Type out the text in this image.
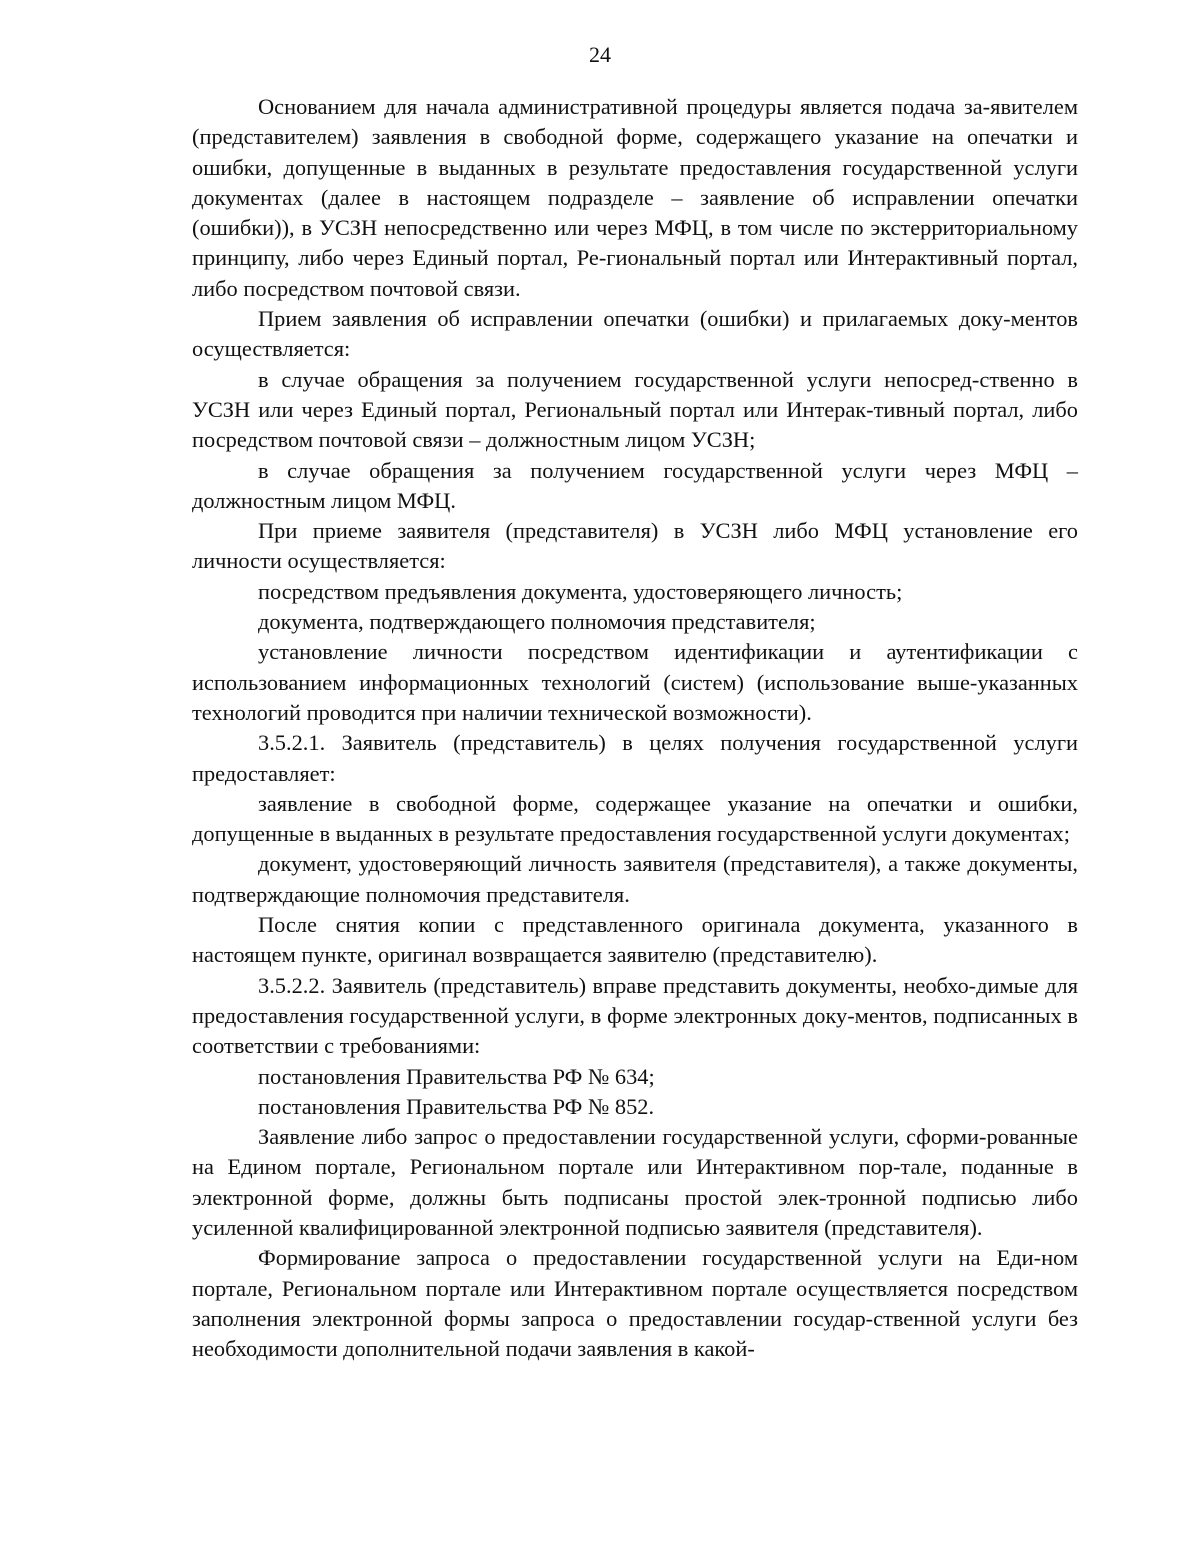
24

Основанием для начала административной процедуры является подача за-явителем (представителем) заявления в свободной форме, содержащего указание на опечатки и ошибки, допущенные в выданных в результате предоставления государственной услуги документах (далее в настоящем подразделе – заявление об исправлении опечатки (ошибки)), в УСЗН непосредственно или через МФЦ, в том числе по экстерриториальному принципу, либо через Единый портал, Ре-гиональный портал или Интерактивный портал, либо посредством почтовой связи.

Прием заявления об исправлении опечатки (ошибки) и прилагаемых доку-ментов осуществляется:

в случае обращения за получением государственной услуги непосред-ственно в УСЗН или через Единый портал, Региональный портал или Интерак-тивный портал, либо посредством почтовой связи – должностным лицом УСЗН;

в случае обращения за получением государственной услуги через МФЦ – должностным лицом МФЦ.

При приеме заявителя (представителя) в УСЗН либо МФЦ установление его личности осуществляется:

посредством предъявления документа, удостоверяющего личность;

документа, подтверждающего полномочия представителя;

установление личности посредством идентификации и аутентификации с использованием информационных технологий (систем) (использование выше-указанных технологий проводится при наличии технической возможности).

3.5.2.1. Заявитель (представитель) в целях получения государственной услуги предоставляет:

заявление в свободной форме, содержащее указание на опечатки и ошибки, допущенные в выданных в результате предоставления государственной услуги документах;

документ, удостоверяющий личность заявителя (представителя), а также документы, подтверждающие полномочия представителя.

После снятия копии с представленного оригинала документа, указанного в настоящем пункте, оригинал возвращается заявителю (представителю).

3.5.2.2. Заявитель (представитель) вправе представить документы, необхо-димые для предоставления государственной услуги, в форме электронных доку-ментов, подписанных в соответствии с требованиями:

постановления Правительства РФ № 634;

постановления Правительства РФ № 852.

Заявление либо запрос о предоставлении государственной услуги, сформи-рованные на Едином портале, Региональном портале или Интерактивном пор-тале, поданные в электронной форме, должны быть подписаны простой элек-тронной подписью либо усиленной квалифицированной электронной подписью заявителя (представителя).

Формирование запроса о предоставлении государственной услуги на Еди-ном портале, Региональном портале или Интерактивном портале осуществляется посредством заполнения электронной формы запроса о предоставлении государ-ственной услуги без необходимости дополнительной подачи заявления в какой-
